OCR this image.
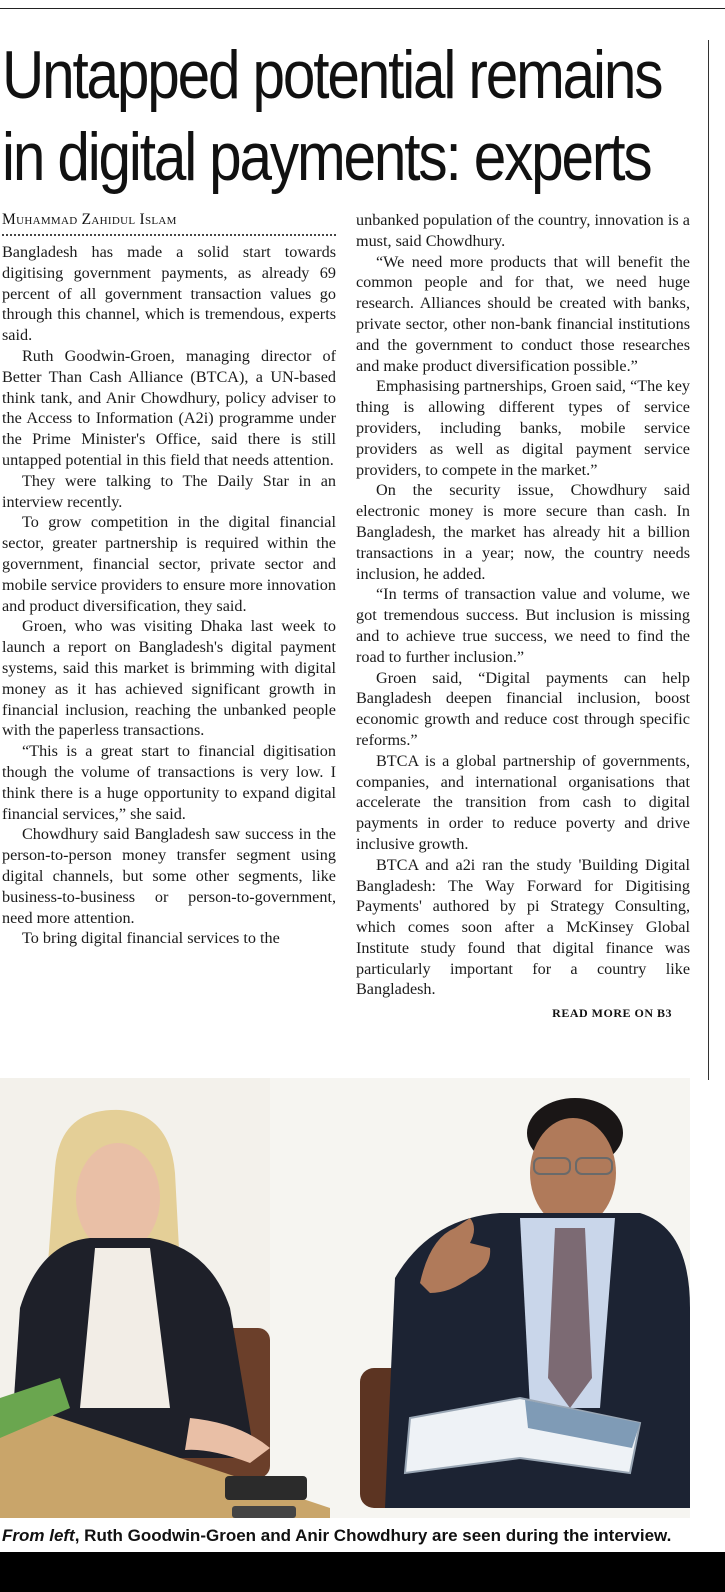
Untapped potential remains
in digital payments: experts
Muhammad Zahidul Islam

Bangladesh has made a solid start towards digitising government payments, as already 69 percent of all government transaction values go through this channel, which is tremendous, experts said.

Ruth Goodwin-Groen, managing director of Better Than Cash Alliance (BTCA), a UN-based think tank, and Anir Chowdhury, policy adviser to the Access to Information (A2i) programme under the Prime Minister's Office, said there is still untapped potential in this field that needs attention.

They were talking to The Daily Star in an interview recently.

To grow competition in the digital financial sector, greater partnership is required within the government, financial sector, private sector and mobile service providers to ensure more innovation and product diversification, they said.

Groen, who was visiting Dhaka last week to launch a report on Bangladesh's digital payment systems, said this market is brimming with digital money as it has achieved significant growth in financial inclusion, reaching the unbanked people with the paperless transactions.

“This is a great start to financial digitisation though the volume of transactions is very low. I think there is a huge opportunity to expand digital financial services,” she said.

Chowdhury said Bangladesh saw success in the person-to-person money transfer segment using digital channels, but some other segments, like business-to-business or person-to-government, need more attention.

To bring digital financial services to the

unbanked population of the country, innovation is a must, said Chowdhury.

“We need more products that will benefit the common people and for that, we need huge research. Alliances should be created with banks, private sector, other non-bank financial institutions and the government to conduct those researches and make product diversification possible.”

Emphasising partnerships, Groen said, “The key thing is allowing different types of service providers, including banks, mobile service providers as well as digital payment service providers, to compete in the market.”

On the security issue, Chowdhury said electronic money is more secure than cash. In Bangladesh, the market has already hit a billion transactions in a year; now, the country needs inclusion, he added.

“In terms of transaction value and volume, we got tremendous success. But inclusion is missing and to achieve true success, we need to find the road to further inclusion.”

Groen said, “Digital payments can help Bangladesh deepen financial inclusion, boost economic growth and reduce cost through specific reforms.”

BTCA is a global partnership of governments, companies, and international organisations that accelerate the transition from cash to digital payments in order to reduce poverty and drive inclusive growth.

BTCA and a2i ran the study 'Building Digital Bangladesh: The Way Forward for Digitising Payments' authored by pi Strategy Consulting, which comes soon after a McKinsey Global Institute study found that digital finance was particularly important for a country like Bangladesh.

READ MORE ON B3

From left, Ruth Goodwin-Groen and Anir Chowdhury are seen during the interview.
